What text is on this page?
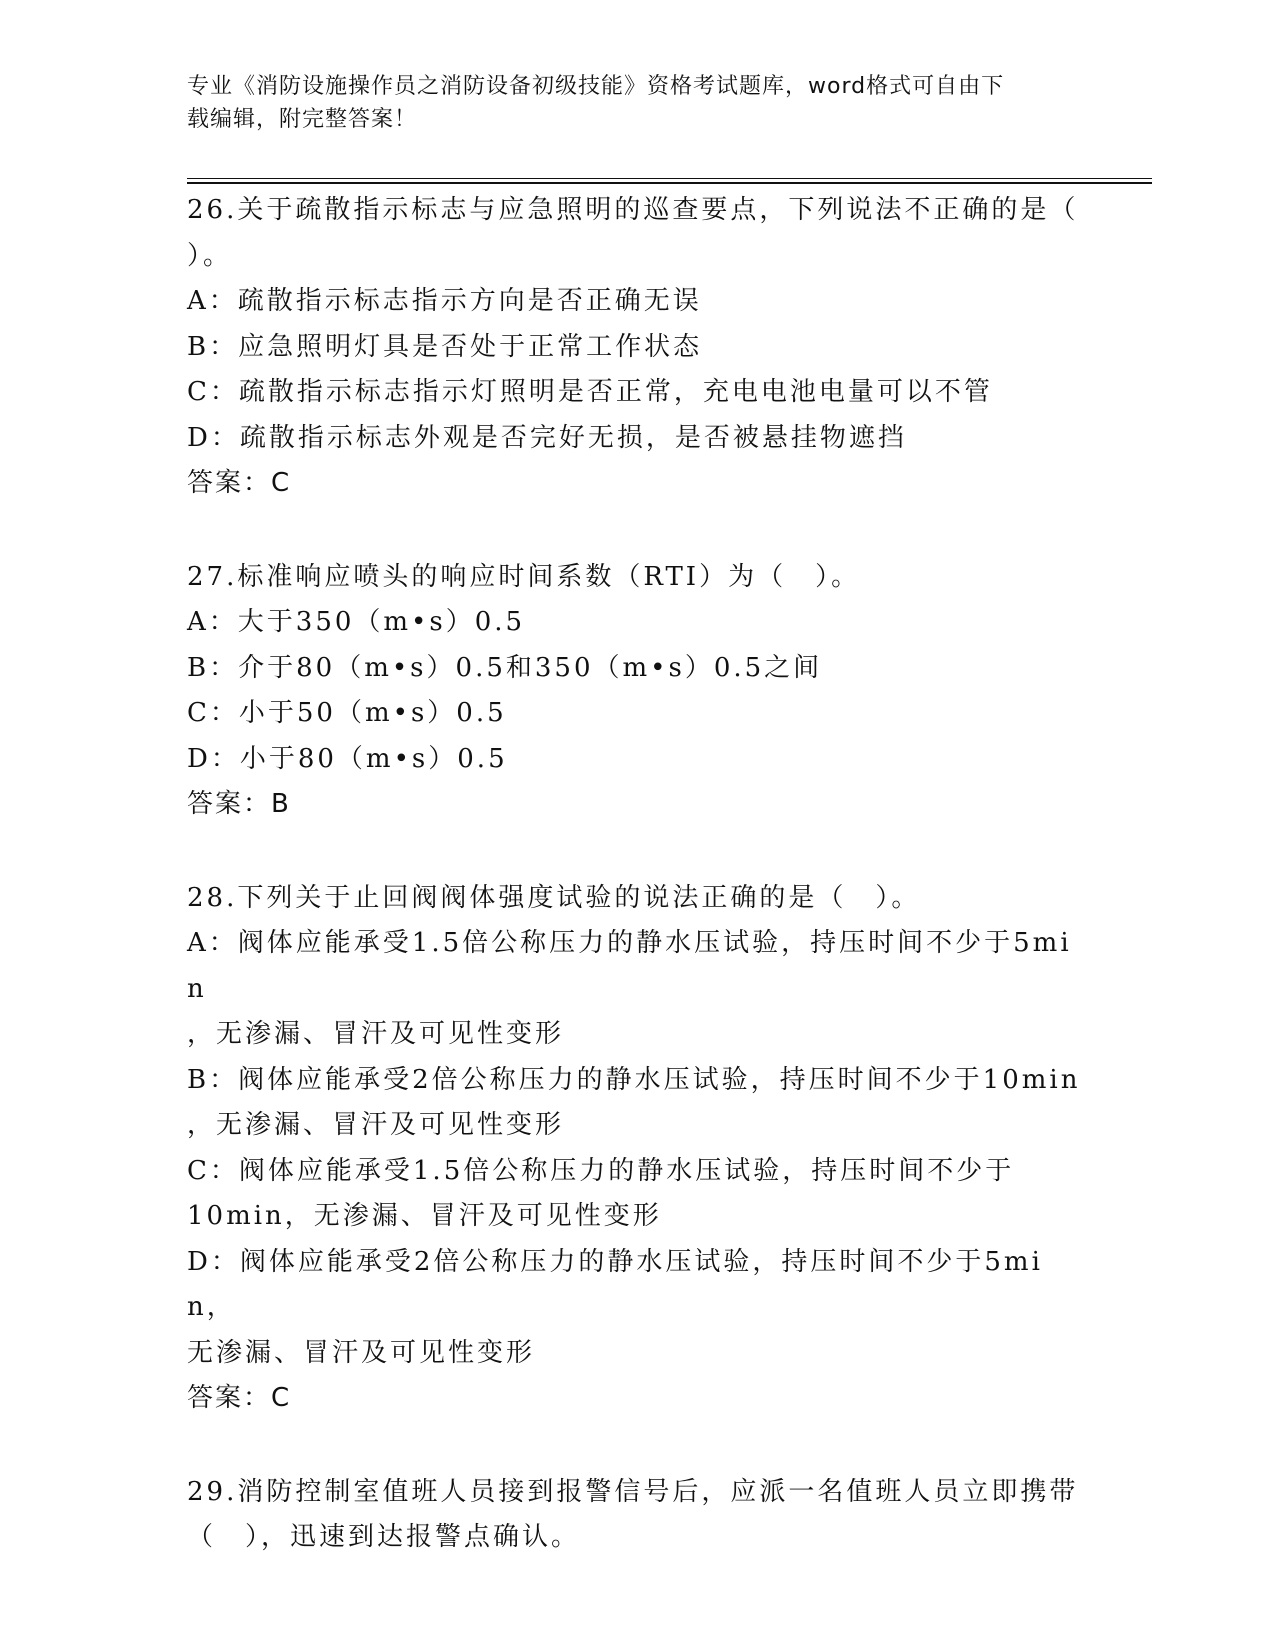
专业《消防设施操作员之消防设备初级技能》资格考试题库，word格式可自由下
载编辑，附完整答案！
26.关于疏散指示标志与应急照明的巡查要点，下列说法不正确的是（
）。
A：疏散指示标志指示方向是否正确无误
B：应急照明灯具是否处于正常工作状态
C：疏散指示标志指示灯照明是否正常，充电电池电量可以不管
D：疏散指示标志外观是否完好无损，是否被悬挂物遮挡
答案：C
27.标准响应喷头的响应时间系数（RTI）为（　）。
A：大于350（m•s）0.5
B：介于80（m•s）0.5和350（m•s）0.5之间
C：小于50（m•s）0.5
D：小于80（m•s）0.5
答案：B
28.下列关于止回阀阀体强度试验的说法正确的是（　）。
A：阀体应能承受1.5倍公称压力的静水压试验，持压时间不少于5min
，无渗漏、冒汗及可见性变形
B：阀体应能承受2倍公称压力的静水压试验，持压时间不少于10min
，无渗漏、冒汗及可见性变形
C：阀体应能承受1.5倍公称压力的静水压试验，持压时间不少于
10min，无渗漏、冒汗及可见性变形
D：阀体应能承受2倍公称压力的静水压试验，持压时间不少于5min，
无渗漏、冒汗及可见性变形
答案：C
29.消防控制室值班人员接到报警信号后，应派一名值班人员立即携带
（　），迅速到达报警点确认。
